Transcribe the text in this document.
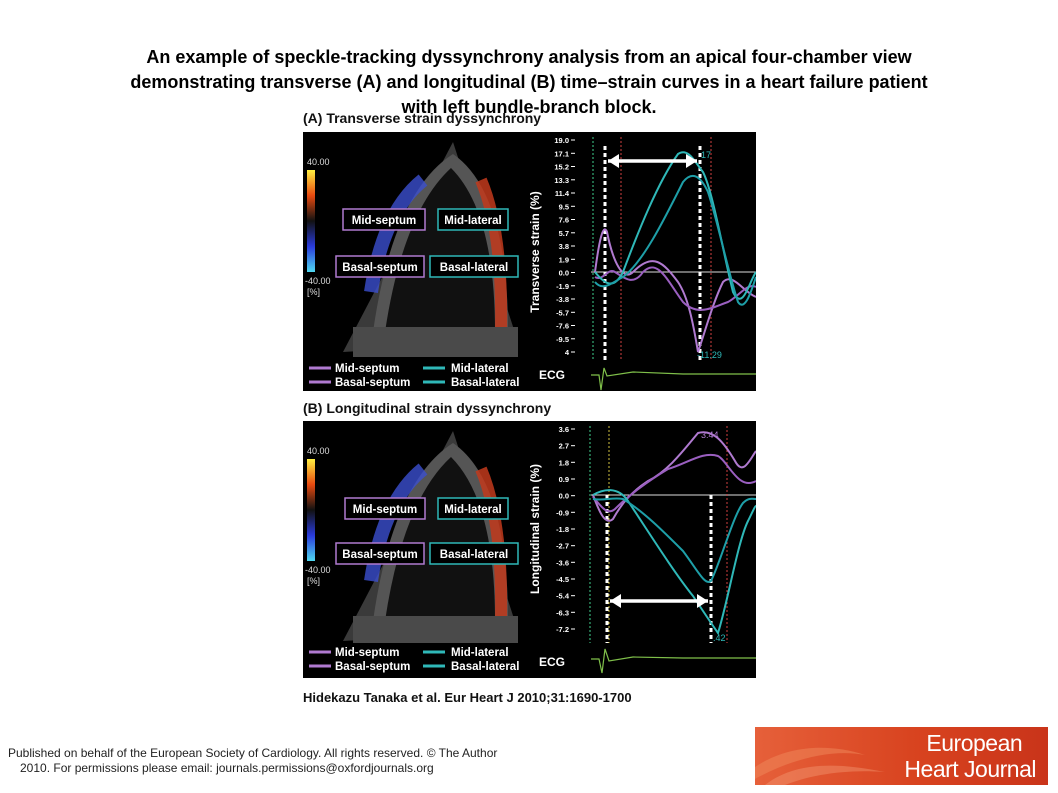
An example of speckle-tracking dyssynchrony analysis from an apical four-chamber view
demonstrating transverse (A) and longitudinal (B) time–strain curves in a heart failure patient
with left bundle-branch block.
(A) Transverse strain dyssynchrony
40.00
-40.00
[%]
Mid-septum Mid-lateral
Basal-septum Basal-lateral
Mid-septum
Basal-septum
Mid-lateral
Basal-lateral
Transverse strain (%)
19.0
17.1
15.2
13.3
11.4
9.5
7.6
5.7
3.8
1.9
0.0
-1.9
-3.8
-5.7
-7.6
-9.5
4
17
-11.29
ECG
(B) Longitudinal strain dyssynchrony
40.00
-40.00
[%]
Mid-septum Mid-lateral
Basal-septum Basal-lateral
Mid-septum
Basal-septum
Mid-lateral
Basal-lateral
Longitudinal strain (%)
3.6
2.7
1.8
0.9
0.0
-0.9
-1.8
-2.7
-3.6
-4.5
-5.4
-6.3
-7.2
3.44
.42
ECG
Hidekazu Tanaka et al. Eur Heart J 2010;31:1690-1700
Published on behalf of the European Society of Cardiology. All rights reserved. © The Author
2010. For permissions please email: journals.permissions@oxfordjournals.org
European
Heart Journal
